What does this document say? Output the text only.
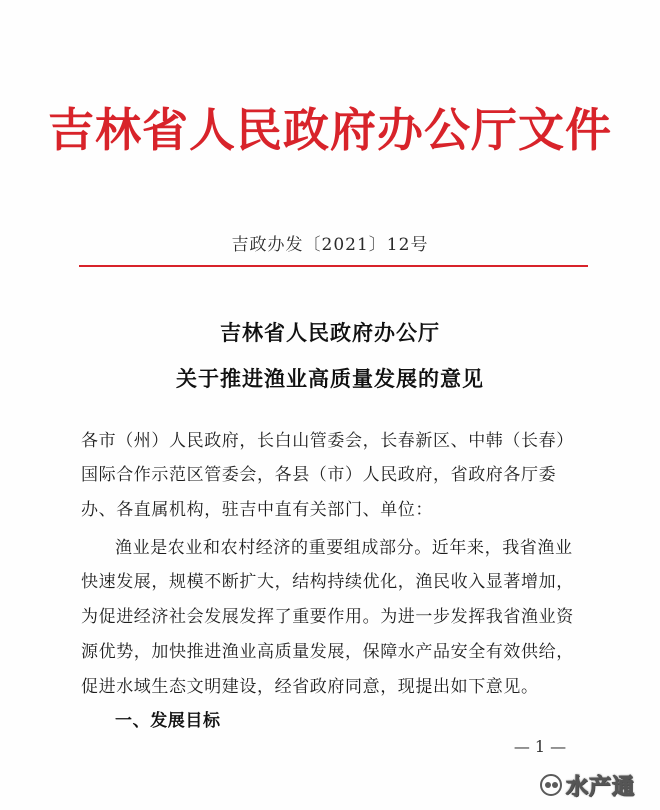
吉林省人民政府办公厅文件
吉政办发〔2021〕12号
吉林省人民政府办公厅
关于推进渔业高质量发展的意见
各市（州）人民政府，长白山管委会，长春新区、中韩（长春）
国际合作示范区管委会，各县（市）人民政府，省政府各厅委
办、各直属机构，驻吉中直有关部门、单位：
渔业是农业和农村经济的重要组成部分。近年来，我省渔业
快速发展，规模不断扩大，结构持续优化，渔民收入显著增加，
为促进经济社会发展发挥了重要作用。为进一步发挥我省渔业资
源优势，加快推进渔业高质量发展，保障水产品安全有效供给，
促进水域生态文明建设，经省政府同意，现提出如下意见。
一、发展目标
— 1 —
水产通
